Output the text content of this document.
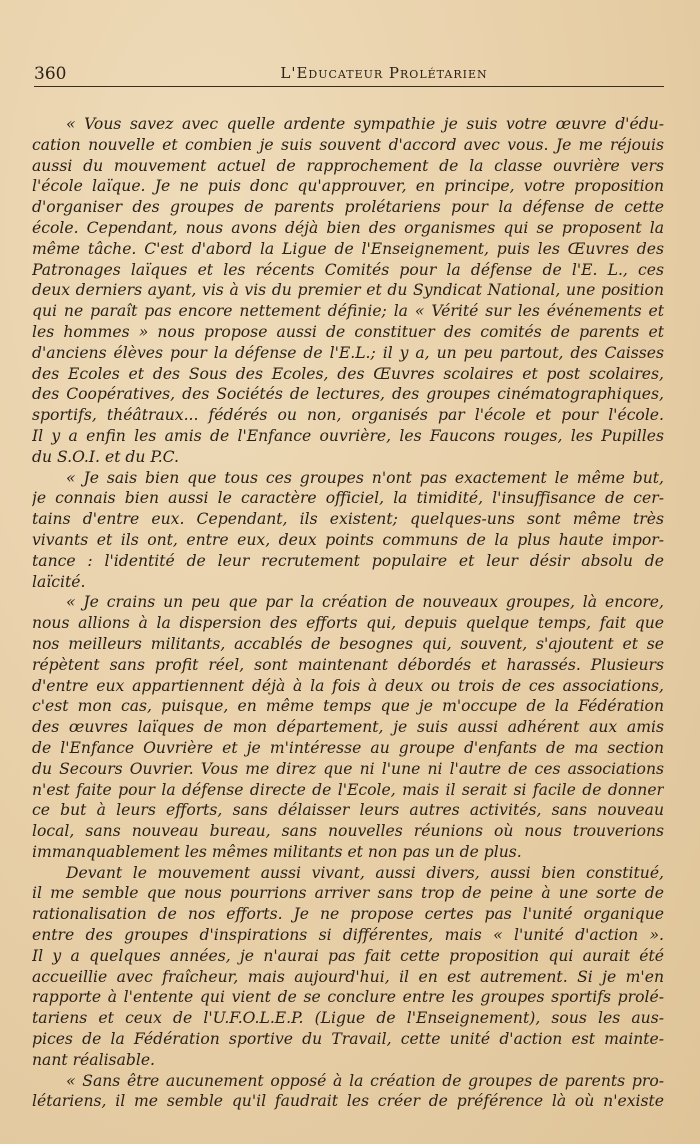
360	L'Educateur Prolétarien
« Vous savez avec quelle ardente sympathie je suis votre œuvre d'édu-
cation nouvelle et combien je suis souvent d'accord avec vous. Je me réjouis
aussi du mouvement actuel de rapprochement de la classe ouvrière vers
l'école laïque. Je ne puis donc qu'approuver, en principe, votre proposition
d'organiser des groupes de parents prolétariens pour la défense de cette
école. Cependant, nous avons déjà bien des organismes qui se proposent la
même tâche. C'est d'abord la Ligue de l'Enseignement, puis les Œuvres des
Patronages laïques et les récents Comités pour la défense de l'E. L., ces
deux derniers ayant, vis à vis du premier et du Syndicat National, une position
qui ne paraît pas encore nettement définie; la « Vérité sur les événements et
les hommes » nous propose aussi de constituer des comités de parents et
d'anciens élèves pour la défense de l'E.L.; il y a, un peu partout, des Caisses
des Ecoles et des Sous des Ecoles, des Œuvres scolaires et post scolaires,
des Coopératives, des Sociétés de lectures, des groupes cinématographiques,
sportifs, théâtraux... fédérés ou non, organisés par l'école et pour l'école.
Il y a enfin les amis de l'Enfance ouvrière, les Faucons rouges, les Pupilles
du S.O.I. et du P.C.
« Je sais bien que tous ces groupes n'ont pas exactement le même but,
je connais bien aussi le caractère officiel, la timidité, l'insuffisance de cer-
tains d'entre eux. Cependant, ils existent; quelques-uns sont même très
vivants et ils ont, entre eux, deux points communs de la plus haute impor-
tance : l'identité de leur recrutement populaire et leur désir absolu de
laïcité.
« Je crains un peu que par la création de nouveaux groupes, là encore,
nous allions à la dispersion des efforts qui, depuis quelque temps, fait que
nos meilleurs militants, accablés de besognes qui, souvent, s'ajoutent et se
répètent sans profit réel, sont maintenant débordés et harassés. Plusieurs
d'entre eux appartiennent déjà à la fois à deux ou trois de ces associations,
c'est mon cas, puisque, en même temps que je m'occupe de la Fédération
des œuvres laïques de mon département, je suis aussi adhérent aux amis
de l'Enfance Ouvrière et je m'intéresse au groupe d'enfants de ma section
du Secours Ouvrier. Vous me direz que ni l'une ni l'autre de ces associations
n'est faite pour la défense directe de l'Ecole, mais il serait si facile de donner
ce but à leurs efforts, sans délaisser leurs autres activités, sans nouveau
local, sans nouveau bureau, sans nouvelles réunions où nous trouverions
immanquablement les mêmes militants et non pas un de plus.
Devant le mouvement aussi vivant, aussi divers, aussi bien constitué,
il me semble que nous pourrions arriver sans trop de peine à une sorte de
rationalisation de nos efforts. Je ne propose certes pas l'unité organique
entre des groupes d'inspirations si différentes, mais « l'unité d'action ».
Il y a quelques années, je n'aurai pas fait cette proposition qui aurait été
accueillie avec fraîcheur, mais aujourd'hui, il en est autrement. Si je m'en
rapporte à l'entente qui vient de se conclure entre les groupes sportifs prolé-
tariens et ceux de l'U.F.O.L.E.P. (Ligue de l'Enseignement), sous les aus-
pices de la Fédération sportive du Travail, cette unité d'action est mainte-
nant réalisable.
« Sans être aucunement opposé à la création de groupes de parents pro-
létariens, il me semble qu'il faudrait les créer de préférence là où n'existe
